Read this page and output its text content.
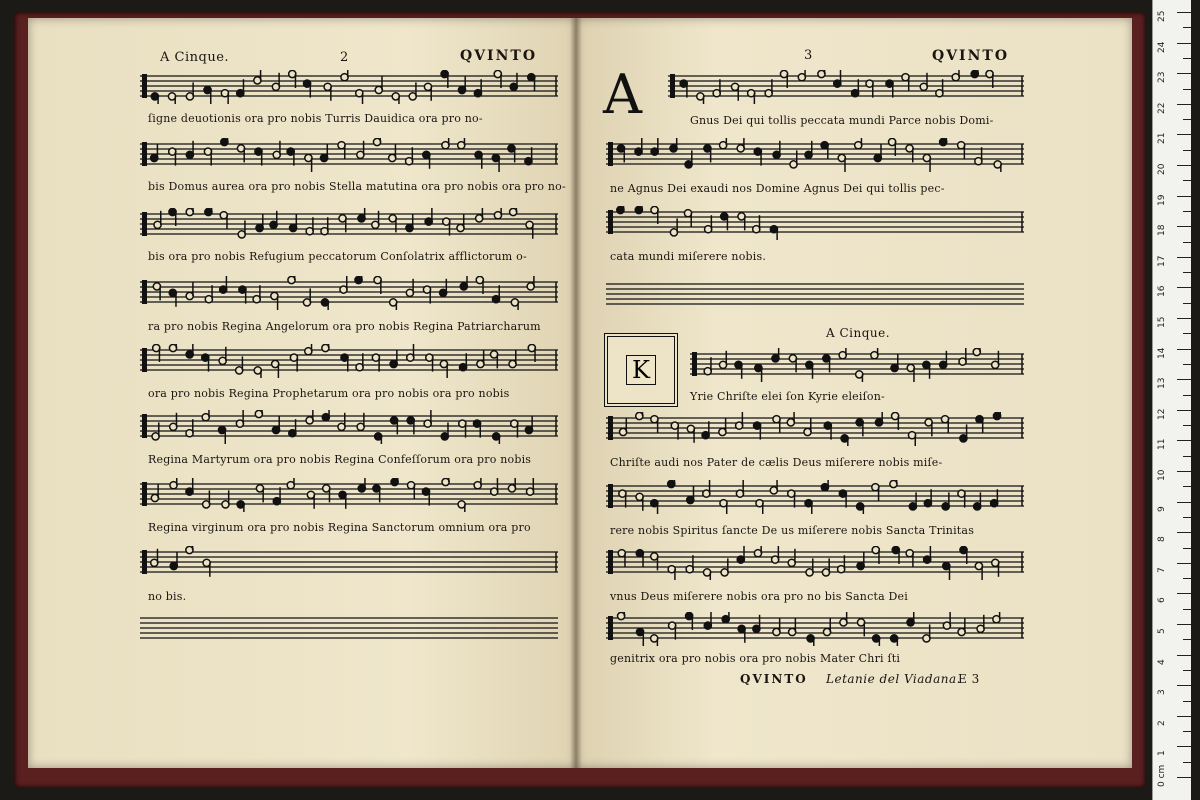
A Cinque.	2	QVINTO	3	QVINTO
A
A Cinque.
K
QVINTO Letanie del Viadana.
E 3
25
24
23
22
21
20
19
18
17
16
15
14
13
12
11
10
9
8
7
6
5
4
3
2
1
0 cm
ſigne deuotionis ora pro nobis Turris Dauidica ora pro no-
bis Domus aurea ora pro nobis Stella matutina ora pro nobis ora pro no-
bis ora pro nobis Refugium peccatorum Conſolatrix afflictorum o-
ra pro nobis Regina Angelorum ora pro nobis Regina Patriarcharum
ora pro nobis Regina Prophetarum ora pro nobis ora pro nobis
Regina Martyrum ora pro nobis Regina Confeſſorum ora pro nobis
Regina virginum ora pro nobis Regina Sanctorum omnium ora pro
no bis.
Gnus Dei qui tollis peccata mundi Parce nobis Domi-
ne Agnus Dei exaudi nos Domine Agnus Dei qui tollis pec-
cata mundi miſerere nobis.
Yrie Chriſte elei ſon Kyrie eleiſon-
Chriſte audi nos Pater de cælis Deus miſerere nobis miſe-
rere nobis Spiritus ſancte De us miſerere nobis Sancta Trinitas
vnus Deus miſerere nobis ora pro no bis Sancta Dei
genitrix ora pro nobis ora pro nobis Mater Chri ſti
